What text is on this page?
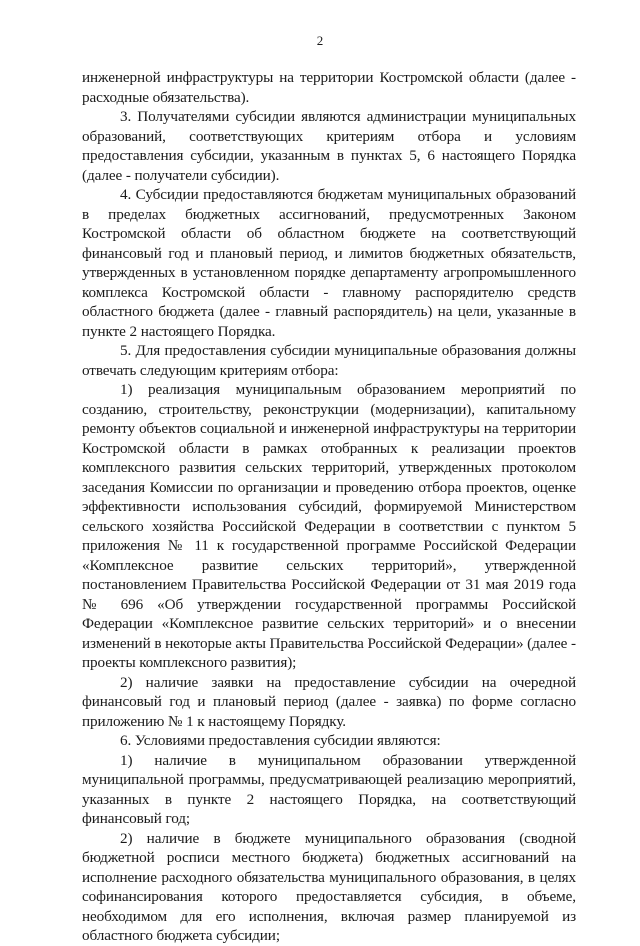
2

инженерной инфраструктуры на территории Костромской области (далее - расходные обязательства).

3. Получателями субсидии являются администрации муниципальных образований, соответствующих критериям отбора и условиям предоставления субсидии, указанным в пунктах 5, 6 настоящего Порядка (далее - получатели субсидии).

4. Субсидии предоставляются бюджетам муниципальных образований в пределах бюджетных ассигнований, предусмотренных Законом Костромской области об областном бюджете на соответствующий финансовый год и плановый период, и лимитов бюджетных обязательств, утвержденных в установленном порядке департаменту агропромышленного комплекса Костромской области - главному распорядителю средств областного бюджета (далее - главный распорядитель) на цели, указанные в пункте 2 настоящего Порядка.

5. Для предоставления субсидии муниципальные образования должны отвечать следующим критериям отбора:

1) реализация муниципальным образованием мероприятий по созданию, строительству, реконструкции (модернизации), капитальному ремонту объектов социальной и инженерной инфраструктуры на территории Костромской области в рамках отобранных к реализации проектов комплексного развития сельских территорий, утвержденных протоколом заседания Комиссии по организации и проведению отбора проектов, оценке эффективности использования субсидий, формируемой Министерством сельского хозяйства Российской Федерации в соответствии с пунктом 5 приложения № 11 к государственной программе Российской Федерации «Комплексное развитие сельских территорий», утвержденной постановлением Правительства Российской Федерации от 31 мая 2019 года № 696 «Об утверждении государственной программы Российской Федерации «Комплексное развитие сельских территорий» и о внесении изменений в некоторые акты Правительства Российской Федерации» (далее - проекты комплексного развития);

2) наличие заявки на предоставление субсидии на очередной финансовый год и плановый период (далее - заявка) по форме согласно приложению № 1 к настоящему Порядку.

6. Условиями предоставления субсидии являются:

1) наличие в муниципальном образовании утвержденной муниципальной программы, предусматривающей реализацию мероприятий, указанных в пункте 2 настоящего Порядка, на соответствующий финансовый год;

2) наличие в бюджете муниципального образования (сводной бюджетной росписи местного бюджета) бюджетных ассигнований на исполнение расходного обязательства муниципального образования, в целях софинансирования которого предоставляется субсидия, в объеме, необходимом для его исполнения, включая размер планируемой из областного бюджета субсидии;
